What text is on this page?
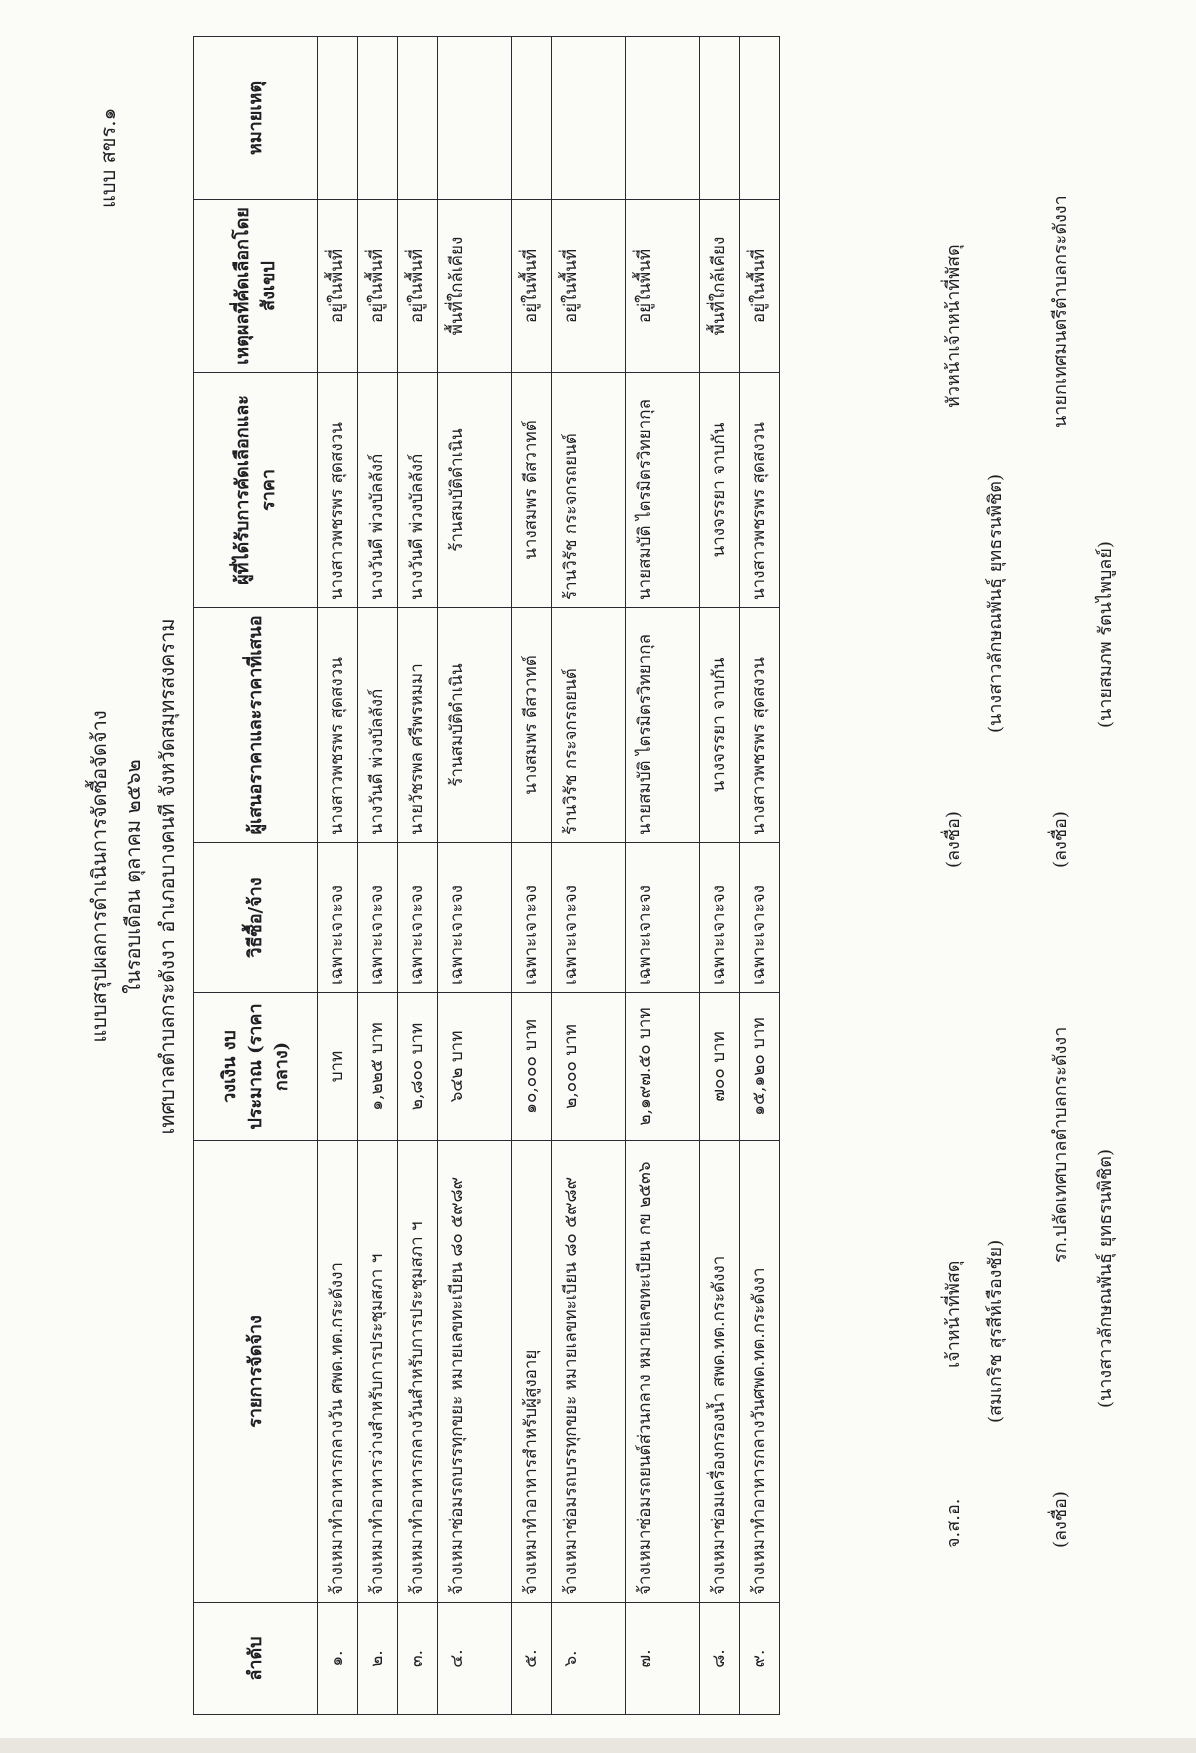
แบบ สขร.๑
แบบสรุปผลการดำเนินการจัดซื้อจัดจ้าง ในรอบเดือน ตุลาคม ๒๕๖๒ เทศบาลตำบลกระดังงา อำเภอบางคนที จังหวัดสมุทรสงคราม
ลำดับ	รายการจัดจ้าง	วงเงิน งบประมาณ (ราคากลาง)	วิธีซื้อ/จ้าง	ผู้เสนอราคาและราคาที่เสนอ	ผู้ที่ได้รับการคัดเลือกและราคา	เหตุผลที่คัดเลือกโดยสังเขป	หมายเหตุ
๑.	จ้างเหมาทำอาหารกลางวัน ศพด.ทต.กระดังงา	บาท	เฉพาะเจาะจง	นางสาวพชรพร สุดสงวน	นางสาวพชรพร สุดสงวน	อยู่ในพื้นที่	
๒.	จ้างเหมาทำอาหารว่างสำหรับการประชุมสภา ฯ	๑,๒๒๕ บาท	เฉพาะเจาะจง	นางวันดี พ่วงบัลลังก์	นางวันดี พ่วงบัลลังก์	อยู่ในพื้นที่	
๓.	จ้างเหมาทำอาหารกลางวันสำหรับการประชุมสภา ฯ	๒,๘๐๐ บาท	เฉพาะเจาะจง	นายวัชรพล ศรีพรหมมา	นางวันดี พ่วงบัลลังก์	อยู่ในพื้นที่	
๔.	จ้างเหมาซ่อมรถบรรทุกขยะ หมายเลขทะเบียน ๘๐ ๕๙๘๙	๖๔๒ บาท	เฉพาะเจาะจง	ร้านสมบัติดำเนิน	ร้านสมบัติดำเนิน	พื้นที่ใกล้เคียง	
๕.	จ้างเหมาทำอาหารสำหรับผู้สูงอายุ	๑๐,๐๐๐ บาท	เฉพาะเจาะจง	นางสมพร ดีสวาทต์	นางสมพร ดีสวาทต์	อยู่ในพื้นที่	
๖.	จ้างเหมาซ่อมรถบรรทุกขยะ หมายเลขทะเบียน ๘๐ ๕๙๘๙	๒,๐๐๐ บาท	เฉพาะเจาะจง	ร้านวิรัช กระจกรถยนต์	ร้านวิรัช กระจกรถยนต์	อยู่ในพื้นที่	
๗.	จ้างเหมาซ่อมรถยนต์ส่วนกลาง หมายเลขทะเบียน กข ๒๕๓๖	๒,๑๙๗.๕๐ บาท	เฉพาะเจาะจง	นายสมบัติ ไตรมิตรวิทยากุล	นายสมบัติ ไตรมิตรวิทยากุล	อยู่ในพื้นที่	
๘.	จ้างเหมาซ่อมเครื่องกรองน้ำ สพด.ทต.กระดังงา	๗๐๐ บาท	เฉพาะเจาะจง	นางจรรยา จาบกัน	นางจรรยา จาบกัน	พื้นที่ใกล้เคียง	
๙.	จ้างเหมาทำอาหารกลางวันศพด.ทต.กระดังงา	๑๕,๑๒๐ บาท	เฉพาะเจาะจง	นางสาวพชรพร สุดสงวน	นางสาวพชรพร สุดสงวน	อยู่ในพื้นที่	
จ.ส.อ.
เจ้าหน้าที่พัสดุ (สมเกริช สุรสีห์เรืองชัย)
(ลงชื่อ)
หัวหน้าเจ้าหน้าที่พัสดุ
(นางสาวลักษณพันธุ์ ยุทธรนพิชิต)
(ลงชื่อ)
รก.ปลัดเทศบาลตำบลกระดังงา
(นางสาวลักษณพันธุ์ ยุทธรนพิชิต)
(ลงชื่อ)
นายกเทศมนตรีตำบลกระดังงา
(นายสมภพ รัตนไพบูลย์)
